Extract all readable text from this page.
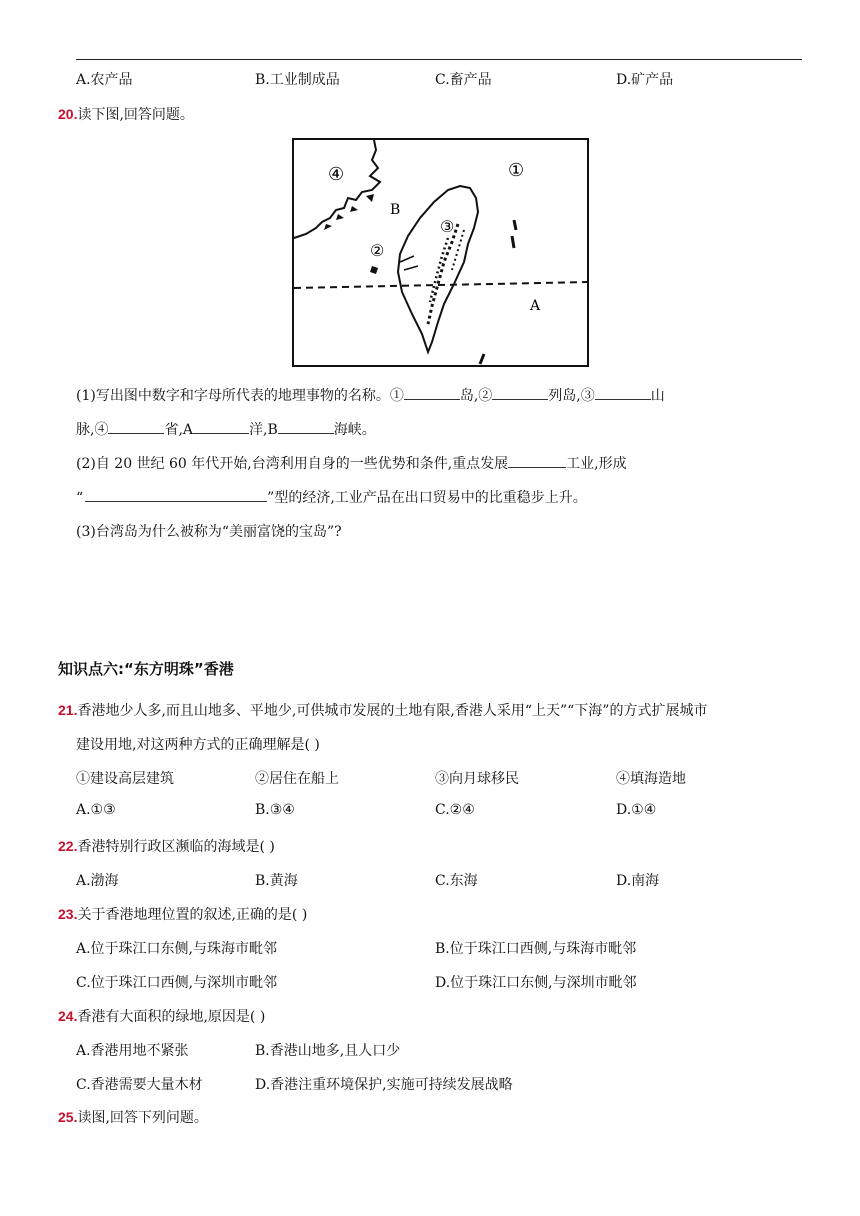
A.农产品	B.工业制成品	C.畜产品	D.矿产品
20.读下图,回答问题。
④	①
③
②
B
A
(1)写出图中数字和字母所代表的地理事物的名称。①	岛,②	列岛,③	山
脉,④	省,A	洋,B	海峡。
(2)自 20 世纪 60 年代开始,台湾利用自身的一些优势和条件,重点发展	工业,形成
“	”型的经济,工业产品在出口贸易中的比重稳步上升。
(3)台湾岛为什么被称为“美丽富饶的宝岛”?
知识点六:“东方明珠”香港
21.香港地少人多,而且山地多、平地少,可供城市发展的土地有限,香港人采用“上天”“下海”的方式扩展城市
建设用地,对这两种方式的正确理解是( )
①建设高层建筑	②居住在船上	③向月球移民	④填海造地
A.①③	B.③④	C.②④	D.①④
22.香港特别行政区濒临的海域是( )
A.渤海	B.黄海	C.东海	D.南海
23.关于香港地理位置的叙述,正确的是( )
A.位于珠江口东侧,与珠海市毗邻	B.位于珠江口西侧,与珠海市毗邻
C.位于珠江口西侧,与深圳市毗邻	D.位于珠江口东侧,与深圳市毗邻
24.香港有大面积的绿地,原因是( )
A.香港用地不紧张	B.香港山地多,且人口少
C.香港需要大量木材	D.香港注重环境保护,实施可持续发展战略
25.读图,回答下列问题。
